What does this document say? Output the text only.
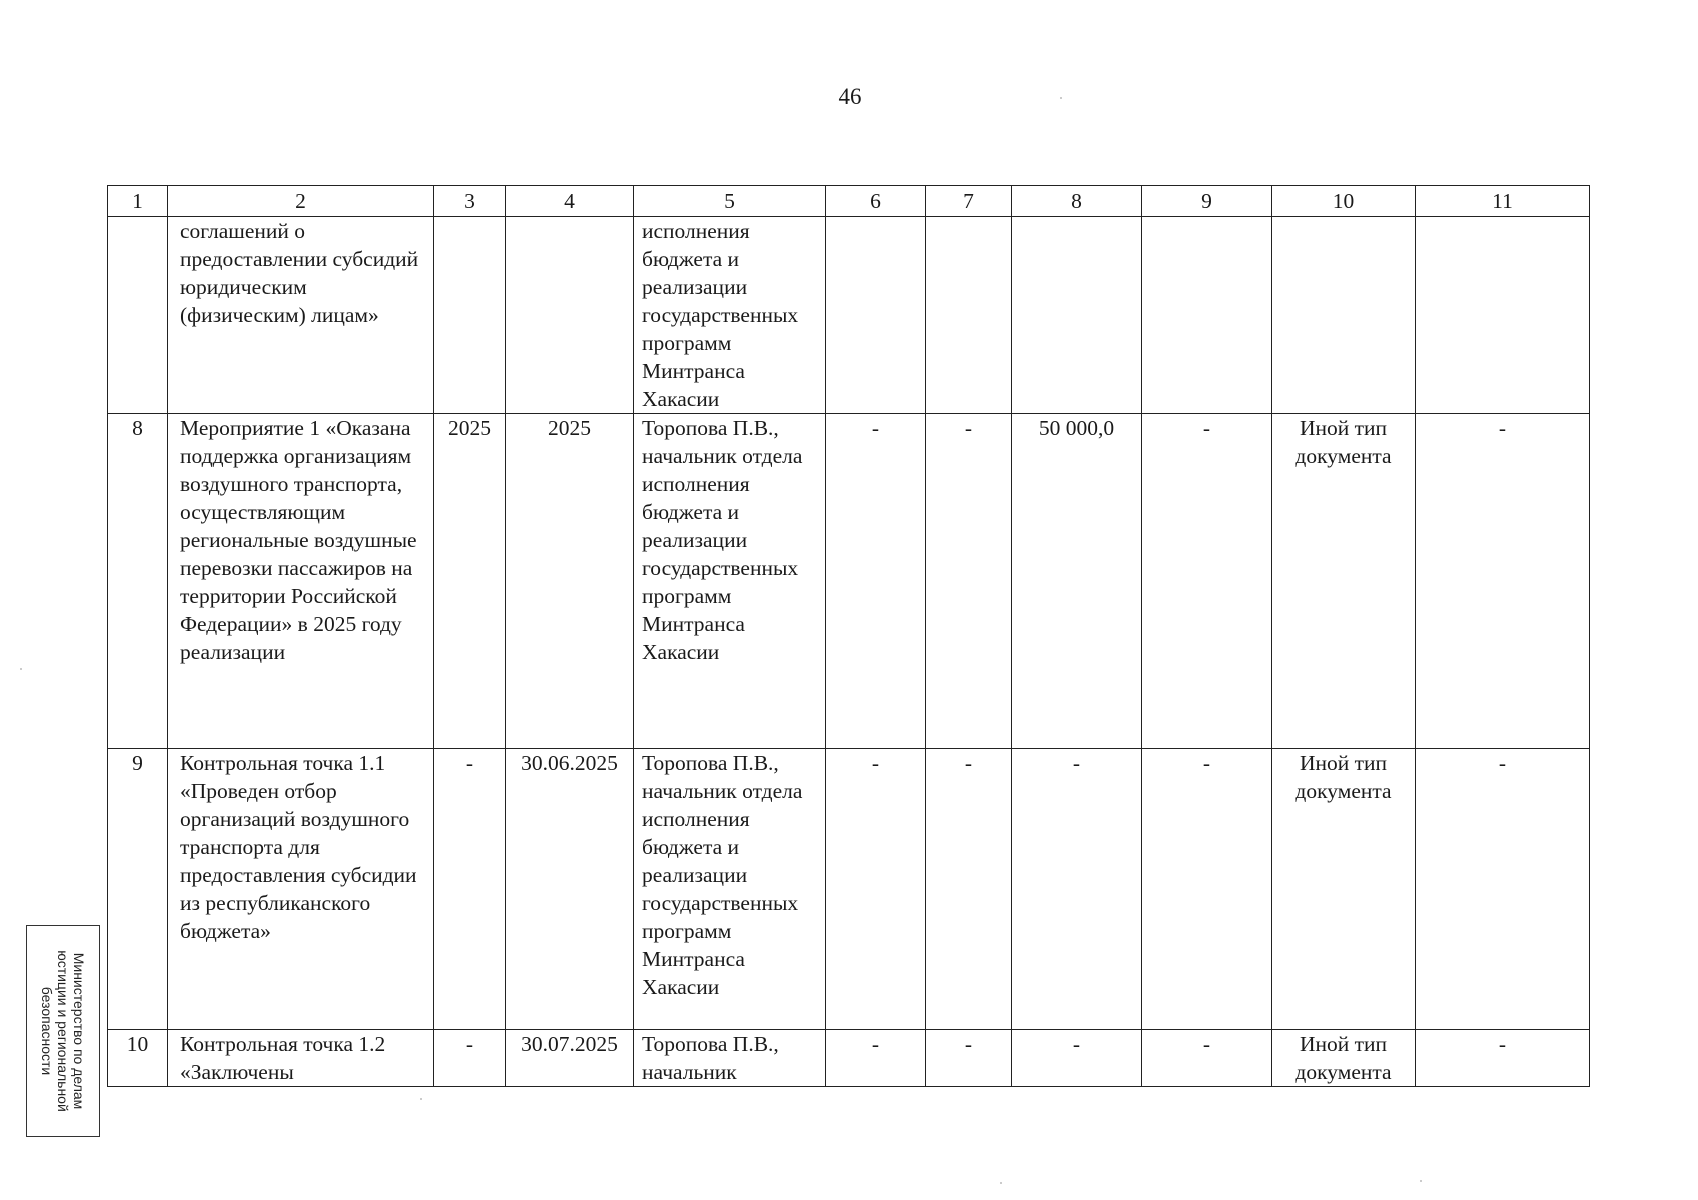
46
1	2	3	4	5	6	7	8	9	10	11
	соглашений о предоставлении субсидий юридическим (физическим) лицам»			исполнения бюджета и реализации государственных программ Минтранса Хакасии						
8	Мероприятие 1 «Оказана поддержка организациям воздушного транспорта, осуществляющим региональные воздушные перевозки пассажиров на территории Российской Федерации» в 2025 году реализации	2025	2025	Торопова П.В., начальник отдела исполнения бюджета и реализации государственных программ Минтранса Хакасии	-	-	50 000,0	-	Иной тип документа	-
9	Контрольная точка 1.1 «Проведен отбор организаций воздушного транспорта для предоставления субсидии из республиканского бюджета»	-	30.06.2025	Торопова П.В., начальник отдела исполнения бюджета и реализации государственных программ Минтранса Хакасии	-	-	-	-	Иной тип документа	-
10	Контрольная точка 1.2 «Заключены	-	30.07.2025	Торопова П.В., начальник	-	-	-	-	Иной тип документа	-
Министерство по делам юстиции и региональной безопасности
